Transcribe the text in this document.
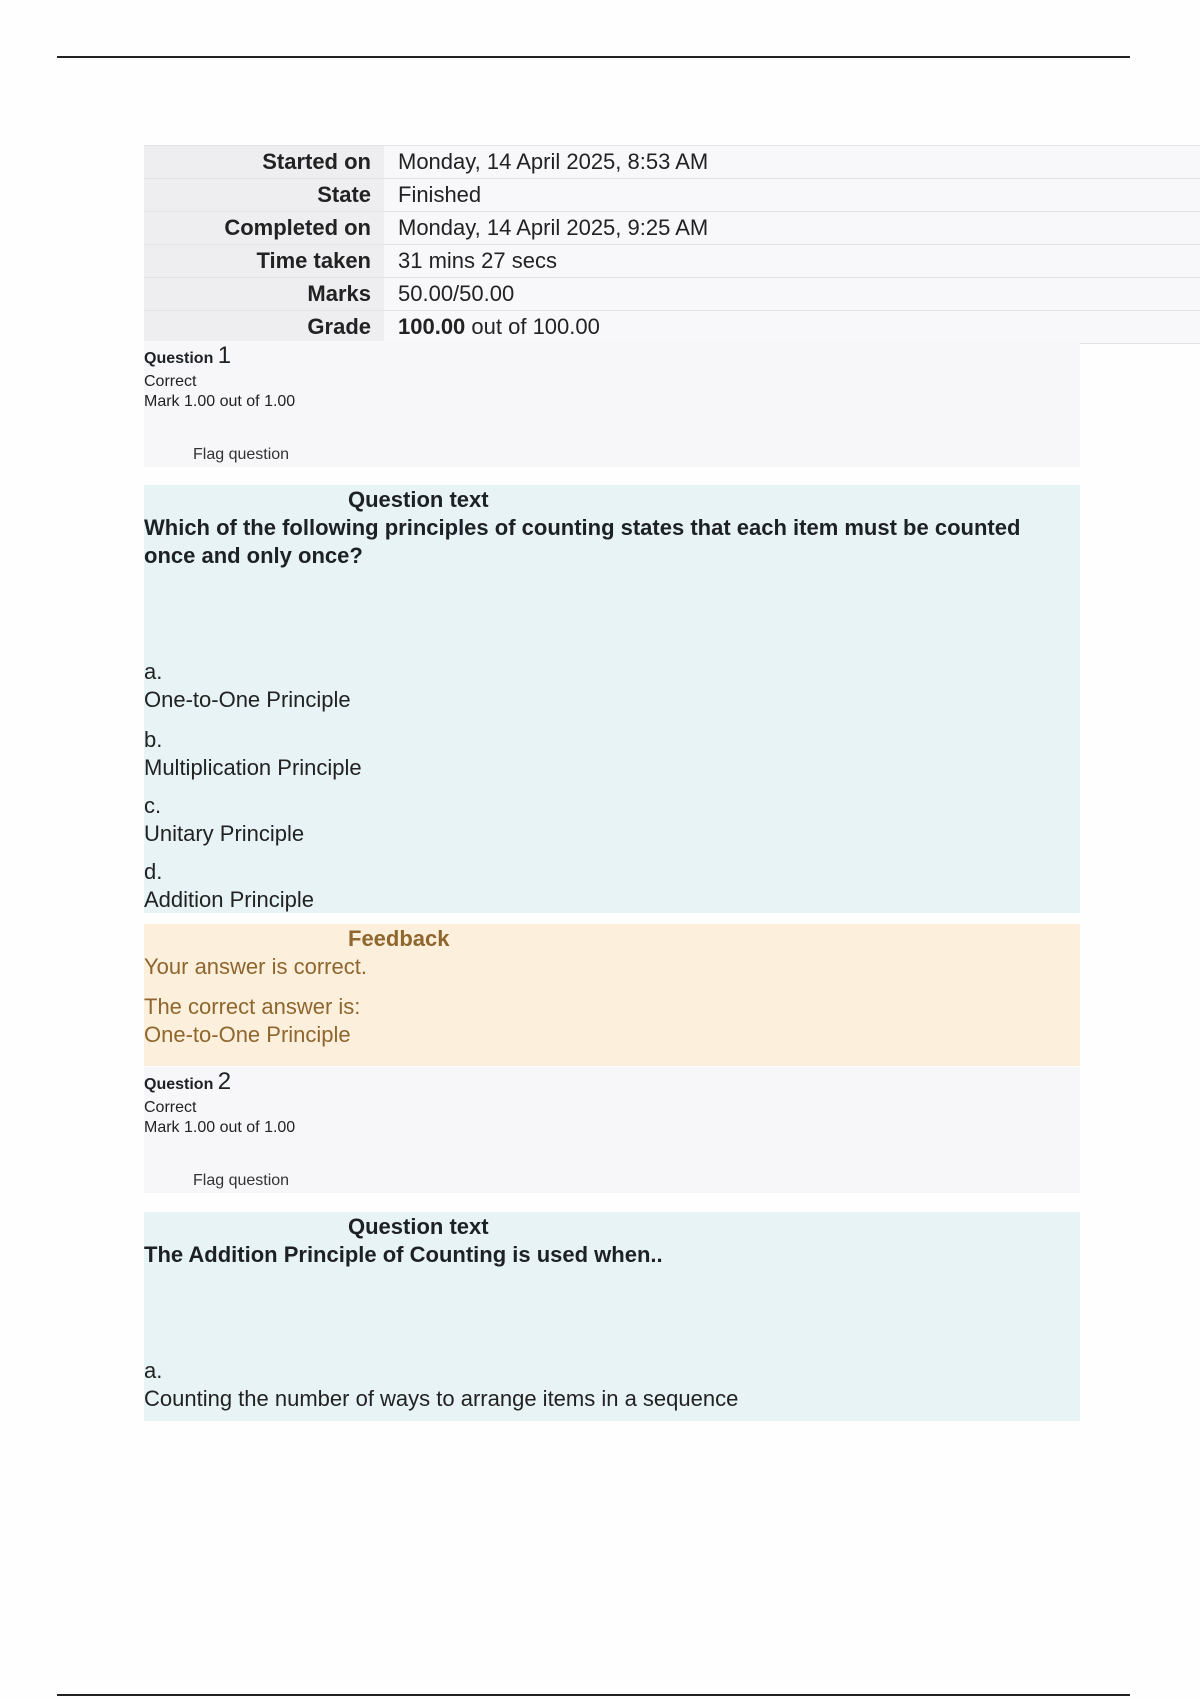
Started on	Monday, 14 April 2025, 8:53 AM
State	Finished
Completed on	Monday, 14 April 2025, 9:25 AM
Time taken	31 mins 27 secs
Marks	50.00/50.00
Grade	100.00 out of 100.00
Question 1
Correct
Mark 1.00 out of 1.00
Flag question
Question text
Which of the following principles of counting states that each item must be counted once and only once?
a.
One-to-One Principle
b.
Multiplication Principle
c.
Unitary Principle
d.
Addition Principle
Feedback
Your answer is correct.
The correct answer is:
One-to-One Principle
Question 2
Correct
Mark 1.00 out of 1.00
Flag question
Question text
The Addition Principle of Counting is used when..
a.
Counting the number of ways to arrange items in a sequence
